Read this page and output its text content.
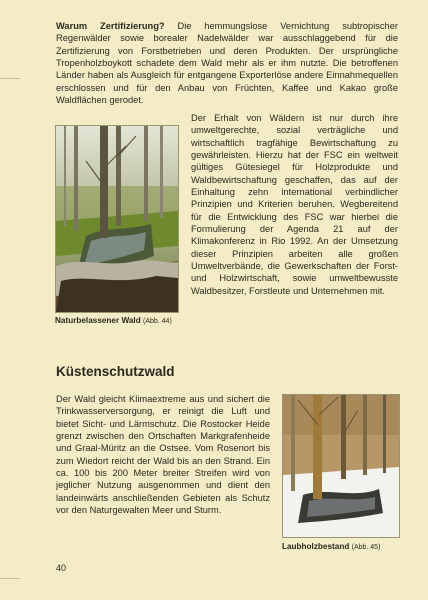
Warum Zertifizierung? Die hemmungslose Vernichtung subtropischer Regenwälder sowie borealer Nadelwälder war ausschlaggebend für die Zertifizierung von Forstbetrieben und deren Produkten. Der ursprüngliche Tropenholzboykott schadete dem Wald mehr als er ihm nutzte. Die betroffenen Länder haben als Ausgleich für entgangene Exporterlöse andere Einnahmequellen erschlossen und für den Anbau von Früchten, Kaffee und Kakao große Waldflächen gerodet.

Naturbelassener Wald (Abb. 44)

Der Erhalt von Wäldern ist nur durch ihre umweltgerechte, sozial verträgliche und wirtschaftlich tragfähige Bewirtschaftung zu gewährleisten. Hierzu hat der FSC ein weltweit gültiges Gütesiegel für Holzprodukte und Waldbewirtschaftung geschaffen, das auf der Einhaltung zehn international verbindlicher Prinzipien und Kriterien beruhen. Wegbereitend für die Entwicklung des FSC war hierbei die Formulierung der Agenda 21 auf der Klimakonferenz in Rio 1992. An der Umsetzung dieser Prinzipien arbeiten alle großen Umweltverbände, die Gewerkschaften der Forst- und Holzwirtschaft, sowie umweltbewusste Waldbesitzer, Forstleute und Unternehmen mit.

Küstenschutzwald

Der Wald gleicht Klimaextreme aus und sichert die Trinkwasserversorgung, er reinigt die Luft und bietet Sicht- und Lärmschutz. Die Rostocker Heide grenzt zwischen den Ortschaften Markgrafenheide und Graal-Müritz an die Ostsee. Vom Rosenort bis zum Wiedort reicht der Wald bis an den Strand. Ein ca. 100 bis 200 Meter breiter Streifen wird von jeglicher Nutzung ausgenommen und dient den landeinwärts anschließenden Gebieten als Schutz vor den Naturgewalten Meer und Sturm.

Laubholzbestand (Abb. 45)

40
